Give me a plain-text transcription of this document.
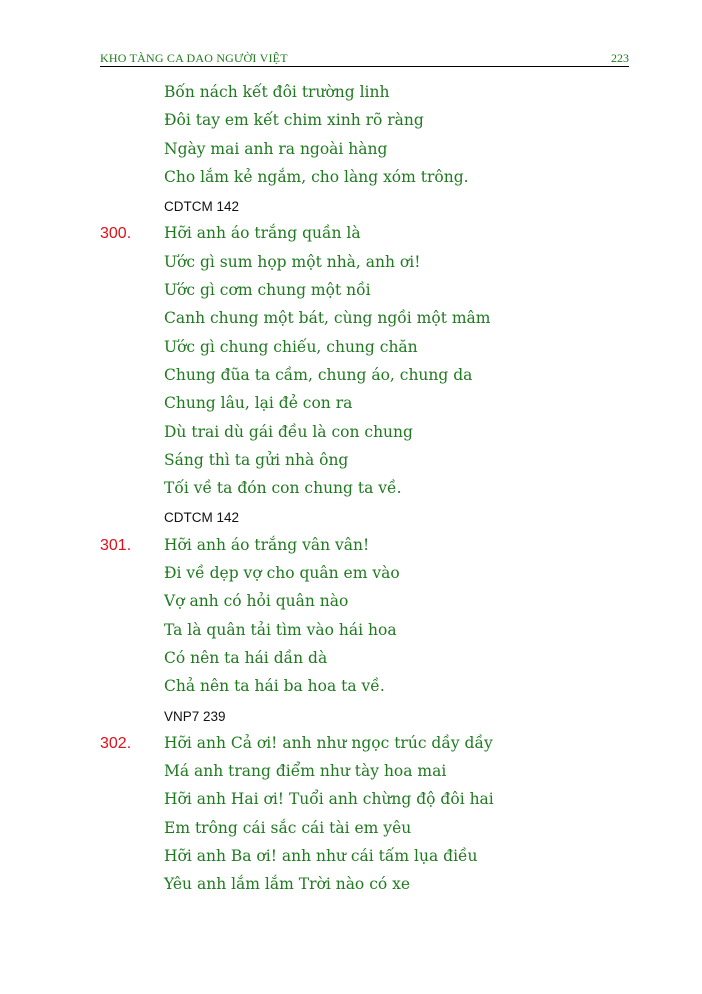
KHO TÀNG CA DAO NGƯỜI VIỆT	223
Bốn nách kết đôi trường linh
Đôi tay em kết chim xinh rõ ràng
Ngày mai anh ra ngoài hàng
Cho lắm kẻ ngắm, cho làng xóm trông.
CDTCM 142
300. Hỡi anh áo trắng quần là
Ước gì sum họp một nhà, anh ơi!
Ước gì cơm chung một nồi
Canh chung một bát, cùng ngồi một mâm
Ước gì chung chiếu, chung chăn
Chung đũa ta cầm, chung áo, chung da
Chung lâu, lại đẻ con ra
Dù trai dù gái đều là con chung
Sáng thì ta gửi nhà ông
Tối về ta đón con chung ta về.
CDTCM 142
301. Hỡi anh áo trắng vân vân!
Đi về dẹp vợ cho quân em vào
Vợ anh có hỏi quân nào
Ta là quân tải tìm vào hái hoa
Có nên ta hái dần dà
Chả nên ta hái ba hoa ta về.
VNP7 239
302. Hỡi anh Cả ơi! anh như ngọc trúc dầy dầy
Má anh trang điểm như tày hoa mai
Hỡi anh Hai ơi! Tuổi anh chừng độ đôi hai
Em trông cái sắc cái tài em yêu
Hỡi anh Ba ơi! anh như cái tấm lụa điều
Yêu anh lắm lắm Trời nào có xe
